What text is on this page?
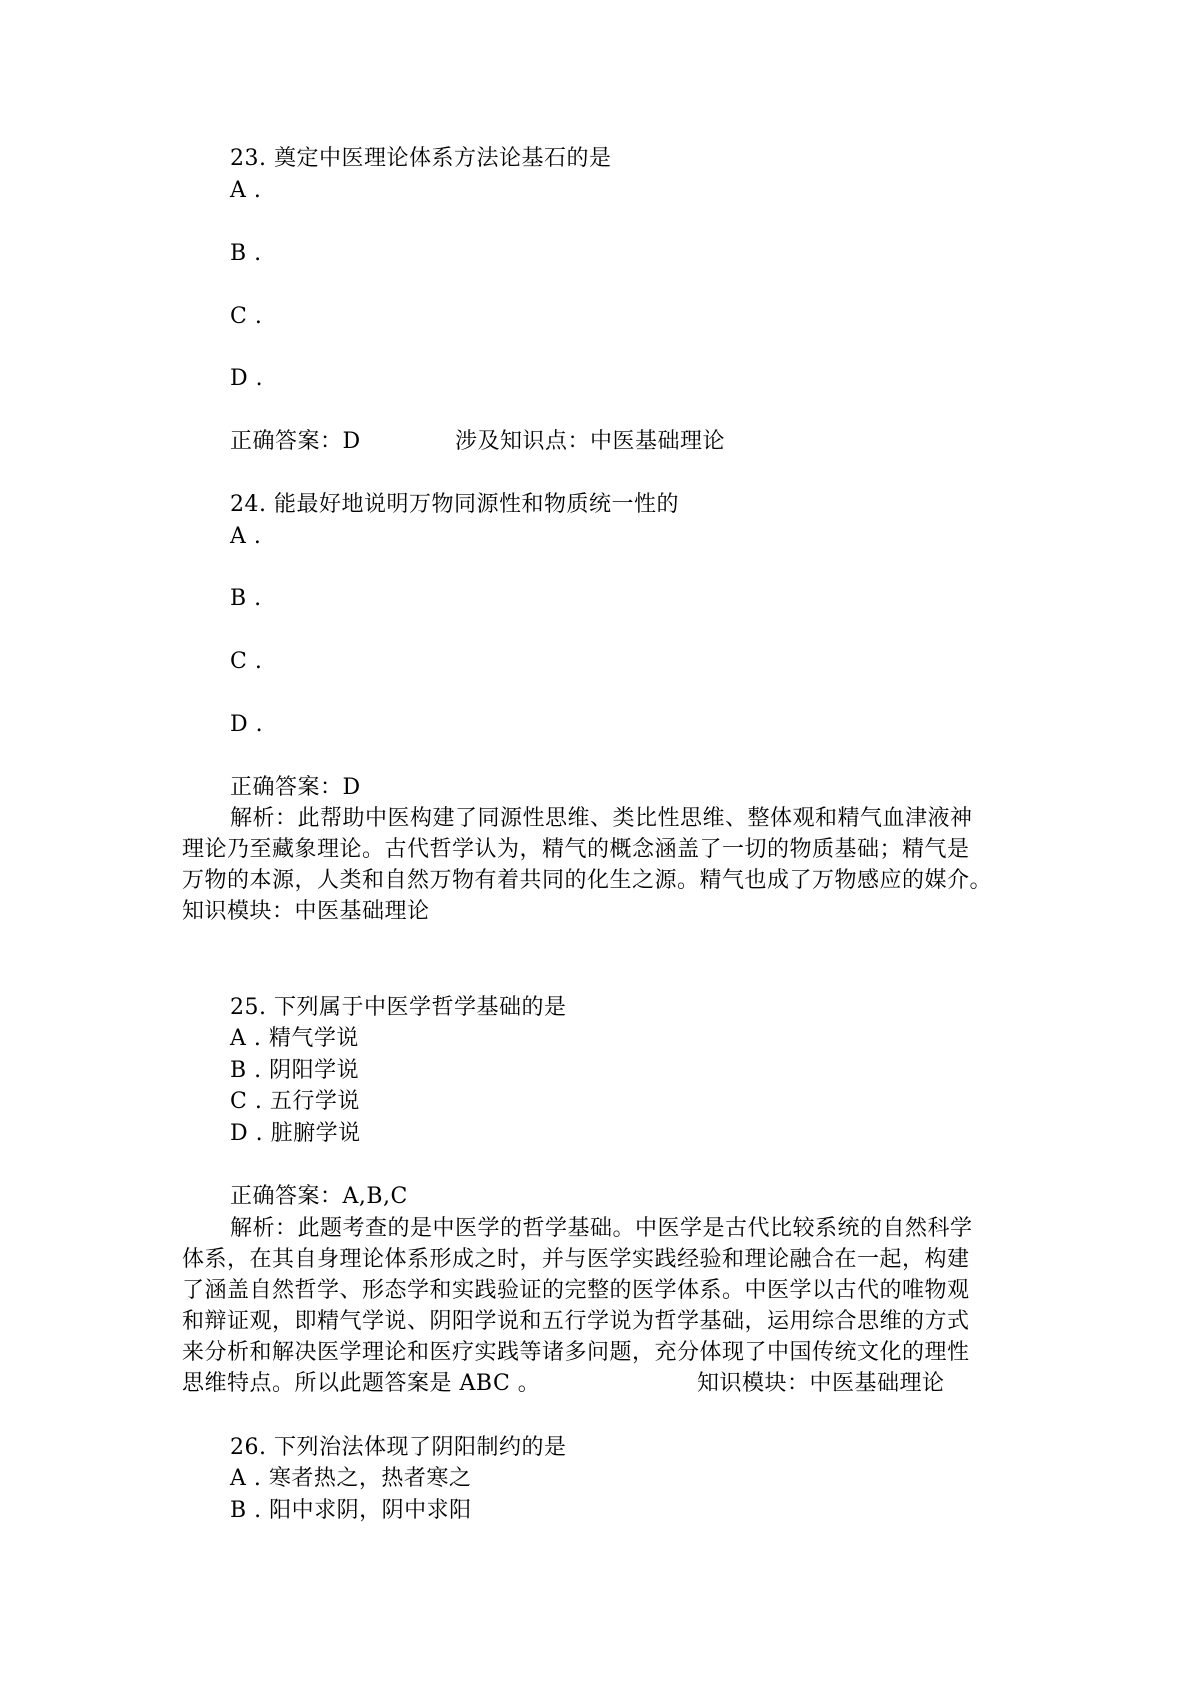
23. 奠定中医理论体系方法论基石的是
A .
B .
C .
D .
正确答案：D	涉及知识点：中医基础理论
24. 能最好地说明万物同源性和物质统一性的
A .
B .
C .
D .
正确答案：D
解析：此帮助中医构建了同源性思维、类比性思维、整体观和精气血津液神
理论乃至藏象理论。古代哲学认为，精气的概念涵盖了一切的物质基础；精气是
万物的本源，人类和自然万物有着共同的化生之源。精气也成了万物感应的媒介。
知识模块：中医基础理论
25. 下列属于中医学哲学基础的是
A . 精气学说
B . 阴阳学说
C . 五行学说
D . 脏腑学说
正确答案：A,B,C
解析：此题考查的是中医学的哲学基础。中医学是古代比较系统的自然科学
体系，在其自身理论体系形成之时，并与医学实践经验和理论融合在一起，构建
了涵盖自然哲学、形态学和实践验证的完整的医学体系。中医学以古代的唯物观
和辩证观，即精气学说、阴阳学说和五行学说为哲学基础，运用综合思维的方式
来分析和解决医学理论和医疗实践等诸多问题，充分体现了中国传统文化的理性
思维特点。所以此题答案是 ABC 。	知识模块：中医基础理论
26. 下列治法体现了阴阳制约的是
A . 寒者热之，热者寒之
B . 阳中求阴，阴中求阳
